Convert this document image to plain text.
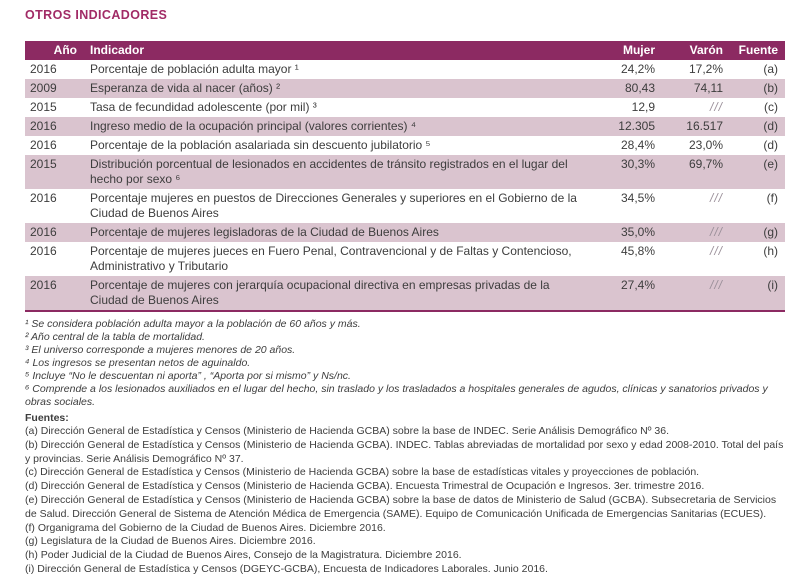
OTROS INDICADORES
Año	Indicador	Mujer	Varón	Fuente
2016	Porcentaje de población adulta mayor ¹	24,2%	17,2%	(a)
2009	Esperanza de vida al nacer (años) ²	80,43	74,11	(b)
2015	Tasa de fecundidad adolescente (por mil) ³	12,9	///	(c)
2016	Ingreso medio de la ocupación principal (valores corrientes) ⁴	12.305	16.517	(d)
2016	Porcentaje de la población asalariada sin descuento jubilatorio ⁵	28,4%	23,0%	(d)
2015	Distribución porcentual de lesionados en accidentes de tránsito registrados en el lugar del hecho por sexo ⁶	30,3%	69,7%	(e)
2016	Porcentaje mujeres en puestos de Direcciones Generales y superiores en el Gobierno de la Ciudad de Buenos Aires	34,5%	///	(f)
2016	Porcentaje de mujeres legisladoras de la Ciudad de Buenos Aires	35,0%	///	(g)
2016	Porcentaje de mujeres jueces en Fuero Penal, Contravencional y de Faltas y Contencioso, Administrativo y Tributario	45,8%	///	(h)
2016	Porcentaje de mujeres con jerarquía ocupacional directiva en empresas privadas de la Ciudad de Buenos Aires	27,4%	///	(i)
¹ Se considera población adulta mayor a la población de 60 años y más.
² Año central de la tabla de mortalidad.
³ El universo corresponde a mujeres menores de 20 años.
⁴ Los ingresos se presentan netos de aguinaldo.
⁵ Incluye “No le descuentan ni aporta” , “Aporta por si mismo” y Ns/nc.
⁶ Comprende a los lesionados auxiliados en el lugar del hecho, sin traslado y los trasladados a hospitales generales de agudos, clínicas y sanatorios privados y obras sociales.
Fuentes:
(a) Dirección General de Estadística y Censos (Ministerio de Hacienda GCBA) sobre la base de INDEC. Serie Análisis Demográfico Nº 36.
(b) Dirección General de Estadística y Censos (Ministerio de Hacienda GCBA). INDEC. Tablas abreviadas de mortalidad por sexo y edad 2008-2010. Total del país y provincias. Serie Análisis Demográfico Nº 37.
(c) Dirección General de Estadística y Censos (Ministerio de Hacienda GCBA) sobre la base de estadísticas vitales y proyecciones de población.
(d) Dirección General de Estadística y Censos (Ministerio de Hacienda GCBA). Encuesta Trimestral de Ocupación e Ingresos. 3er. trimestre 2016.
(e) Dirección General de Estadística y Censos (Ministerio de Hacienda GCBA) sobre la base de datos de Ministerio de Salud (GCBA). Subsecretaria de Servicios de Salud. Dirección General de Sistema de Atención Médica de Emergencia (SAME). Equipo de Comunicación Unificada de Emergencias Sanitarias (ECUES).
(f) Organigrama del Gobierno de la Ciudad de Buenos Aires. Diciembre 2016.
(g) Legislatura de la Ciudad de Buenos Aires. Diciembre 2016.
(h) Poder Judicial de la Ciudad de Buenos Aires, Consejo de la Magistratura. Diciembre 2016.
(i) Dirección General de Estadística y Censos (DGEYC-GCBA), Encuesta de Indicadores Laborales. Junio 2016.
